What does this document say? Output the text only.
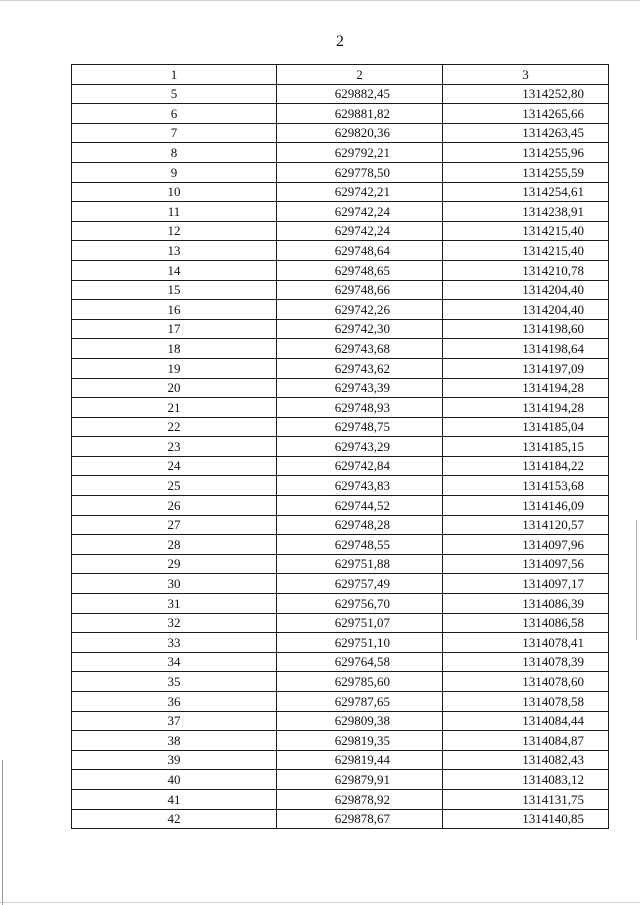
2
1	2	3
5	629882,45	1314252,80
6	629881,82	1314265,66
7	629820,36	1314263,45
8	629792,21	1314255,96
9	629778,50	1314255,59
10	629742,21	1314254,61
11	629742,24	1314238,91
12	629742,24	1314215,40
13	629748,64	1314215,40
14	629748,65	1314210,78
15	629748,66	1314204,40
16	629742,26	1314204,40
17	629742,30	1314198,60
18	629743,68	1314198,64
19	629743,62	1314197,09
20	629743,39	1314194,28
21	629748,93	1314194,28
22	629748,75	1314185,04
23	629743,29	1314185,15
24	629742,84	1314184,22
25	629743,83	1314153,68
26	629744,52	1314146,09
27	629748,28	1314120,57
28	629748,55	1314097,96
29	629751,88	1314097,56
30	629757,49	1314097,17
31	629756,70	1314086,39
32	629751,07	1314086,58
33	629751,10	1314078,41
34	629764,58	1314078,39
35	629785,60	1314078,60
36	629787,65	1314078,58
37	629809,38	1314084,44
38	629819,35	1314084,87
39	629819,44	1314082,43
40	629879,91	1314083,12
41	629878,92	1314131,75
42	629878,67	1314140,85
